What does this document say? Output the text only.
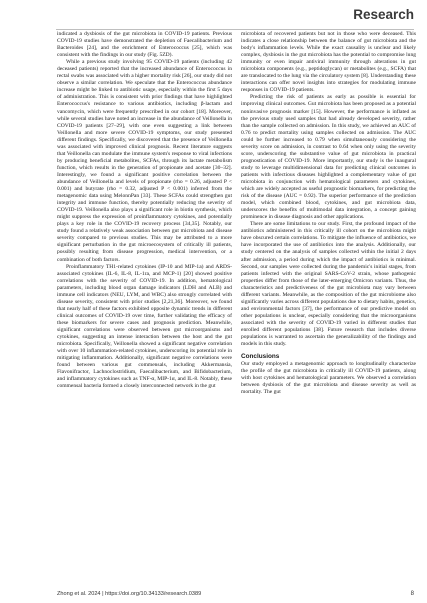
Research

indicated a dysbiosis of the gut microbiota in COVID-19 patients. Previous COVID-19 studies have demonstrated the depletion of Faecalibacterium and Bacteroides [24], and the enrichment of Enterococcus [25], which was consistent with the findings in our study (Fig. 5ZD).

While a previous study involving 95 COVID-19 patients (including 42 deceased patients) reported that the increased abundance of Enterococcus in rectal swabs was associated with a higher mortality risk [26], our study did not observe a similar correlation. We speculate that the Enterococcus abundance increase might be linked to antibiotic usage, especially within the first 5 days of administration. This is consistent with prior findings that have highlighted Enterococcus's resistance to various antibiotics, including β-lactam and vancomycin, which were frequently prescribed in our cohort [18]. Moreover, while several studies have noted an increase in the abundance of Veillonella in COVID-19 patients [27–29], with one even suggesting a link between Veillonella and more severe COVID-19 symptoms, our study presented different findings. Specifically, we discovered that the presence of Veillonella was associated with improved clinical prognosis. Recent literature suggests that Veillonella can modulate the immune system's response to viral infections by producing beneficial metabolites, SCFAs, through its lactate metabolism function, which results in the generation of propionate and acetate [30–32]. Interestingly, we found a significant positive correlation between the abundance of Veillonella and levels of propionate (rho = 0.26, adjusted P < 0.001) and butyrate (rho = 0.32, adjusted P < 0.001) inferred from the metagenomic data using MelonnPan [33]. These SCFAs could strengthen gut integrity and immune function, thereby potentially reducing the severity of COVID-19. Veillonella also plays a significant role in biotin synthesis, which might suppress the expression of proinflammatory cytokines, and potentially plays a key role in the COVID-19 recovery process [34,35]. Notably, our study found a relatively weak association between gut microbiota and disease severity compared to previous studies. This may be attributed to a more significant perturbation in the gut microecosystem of critically ill patients, possibly resulting from disease progression, medical intervention, or a combination of both factors.

Proinflammatory TH1-related cytokines (IP-10 and MIP-1a) and ARDS-associated cytokines (IL-6, IL-8, IL-1ra, and MCP-1) [20] showed positive correlations with the severity of COVID-19. In addition, hematological parameters, including blood organ damage indicators (LDH and ALB) and immune cell indicators (NEU, LYM, and WBC) also strongly correlated with disease severity, consistent with prior studies [2,21,36]. Moreover, we found that nearly half of these factors exhibited opposite dynamic trends in different clinical outcomes of COVID-19 over time, further validating the efficacy of these biomarkers for severe cases and prognosis prediction. Meanwhile, significant correlations were observed between gut microorganisms and cytokines, suggesting an intense interaction between the host and the gut microbiota. Specifically, Veillonella showed a significant negative correlation with over 10 inflammation-related cytokines, underscoring its potential role in mitigating inflammation. Additionally, significant negative correlations were found between various gut commensals, including Akkermansia, Flavonifractor, Lachnoclostridium, Faecalibacterium, and Bifidobacterium, and inflammatory cytokines such as TNF-α, MIP-1α, and IL-8. Notably, these commensal bacteria formed a closely interconnected network in the gut

microbiota of recovered patients but not in those who were deceased. This indicates a close relationship between the balance of gut microbiota and the body's inflammation levels. While the exact causality is unclear and likely complex, dysbiosis in the gut microbiota has the potential to compromise lung immunity or even impair antiviral immunity through alterations in gut microbiota components (e.g., peptidoglycan) or metabolites (e.g., SCFA) that are translocated to the lung via the circulatory system [8]. Understanding these interactions can offer novel insights into strategies for modulating immune responses in COVID-19 patients.

Predicting the risk of patients as early as possible is essential for improving clinical outcomes. Gut microbiota has been proposed as a potential noninvasive prognosis marker [15]. However, the performance is inflated as the previous study used samples that had already developed severity, rather than the sample collected on admission. In this study, we achieved an AUC of 0.76 to predict mortality using samples collected on admission. The AUC could be further increased to 0.79 when simultaneously considering the severity score on admission, in contrast to 0.64 when only using the severity score, underscoring the substantive value of gut microbiota in practical prognostication of COVID-19. More importantly, our study is the inaugural study to leverage multidimensional data for predicting clinical outcomes in patients with infectious diseases highlighted a complementary value of gut microbiota in conjunction with hematological parameters and cytokines, which are widely accepted as useful prognostic biomarkers, for predicting the risk of the disease (AUC = 0.92). The superior performance of the prediction model, which combined blood, cytokines, and gut microbiota data, underscores the benefits of multimodal data integration, a concept gaining prominence in disease diagnosis and other applications.

There are some limitations to our study. First, the profound impact of the antibiotics administered in this critically ill cohort on the microbiota might have obscured certain correlations. To mitigate the influence of antibiotics, we have incorporated the use of antibiotics into the analysis. Additionally, our study centered on the analysis of samples collected within the initial 2 days after admission, a period during which the impact of antibiotics is minimal. Second, our samples were collected during the pandemic's initial stages, from patients infected with the original SARS-CoV-2 strain, whose pathogenic properties differ from those of the later-emerging Omicron variants. Thus, the characteristics and predictiveness of the gut microbiota may vary between different variants. Meanwhile, as the composition of the gut microbiome also significantly varies across different populations due to dietary habits, genetics, and environmental factors [37], the performance of our predictive model on other populations is unclear, especially considering that the microorganisms associated with the severity of COVID-19 varied in different studies that enrolled different populations [38]. Future research that includes diverse populations is warranted to ascertain the generalizability of the findings and models in this study.

Conclusions

Our study employed a metagenomic approach to longitudinally characterize the profile of the gut microbiota in critically ill COVID-19 patients, along with host cytokines and hematological parameters. We observed a correlation between dysbiosis of the gut microbiota and disease severity as well as mortality. The gut

Zhong et al. 2024 | https://doi.org/10.34133/research.0389	8
